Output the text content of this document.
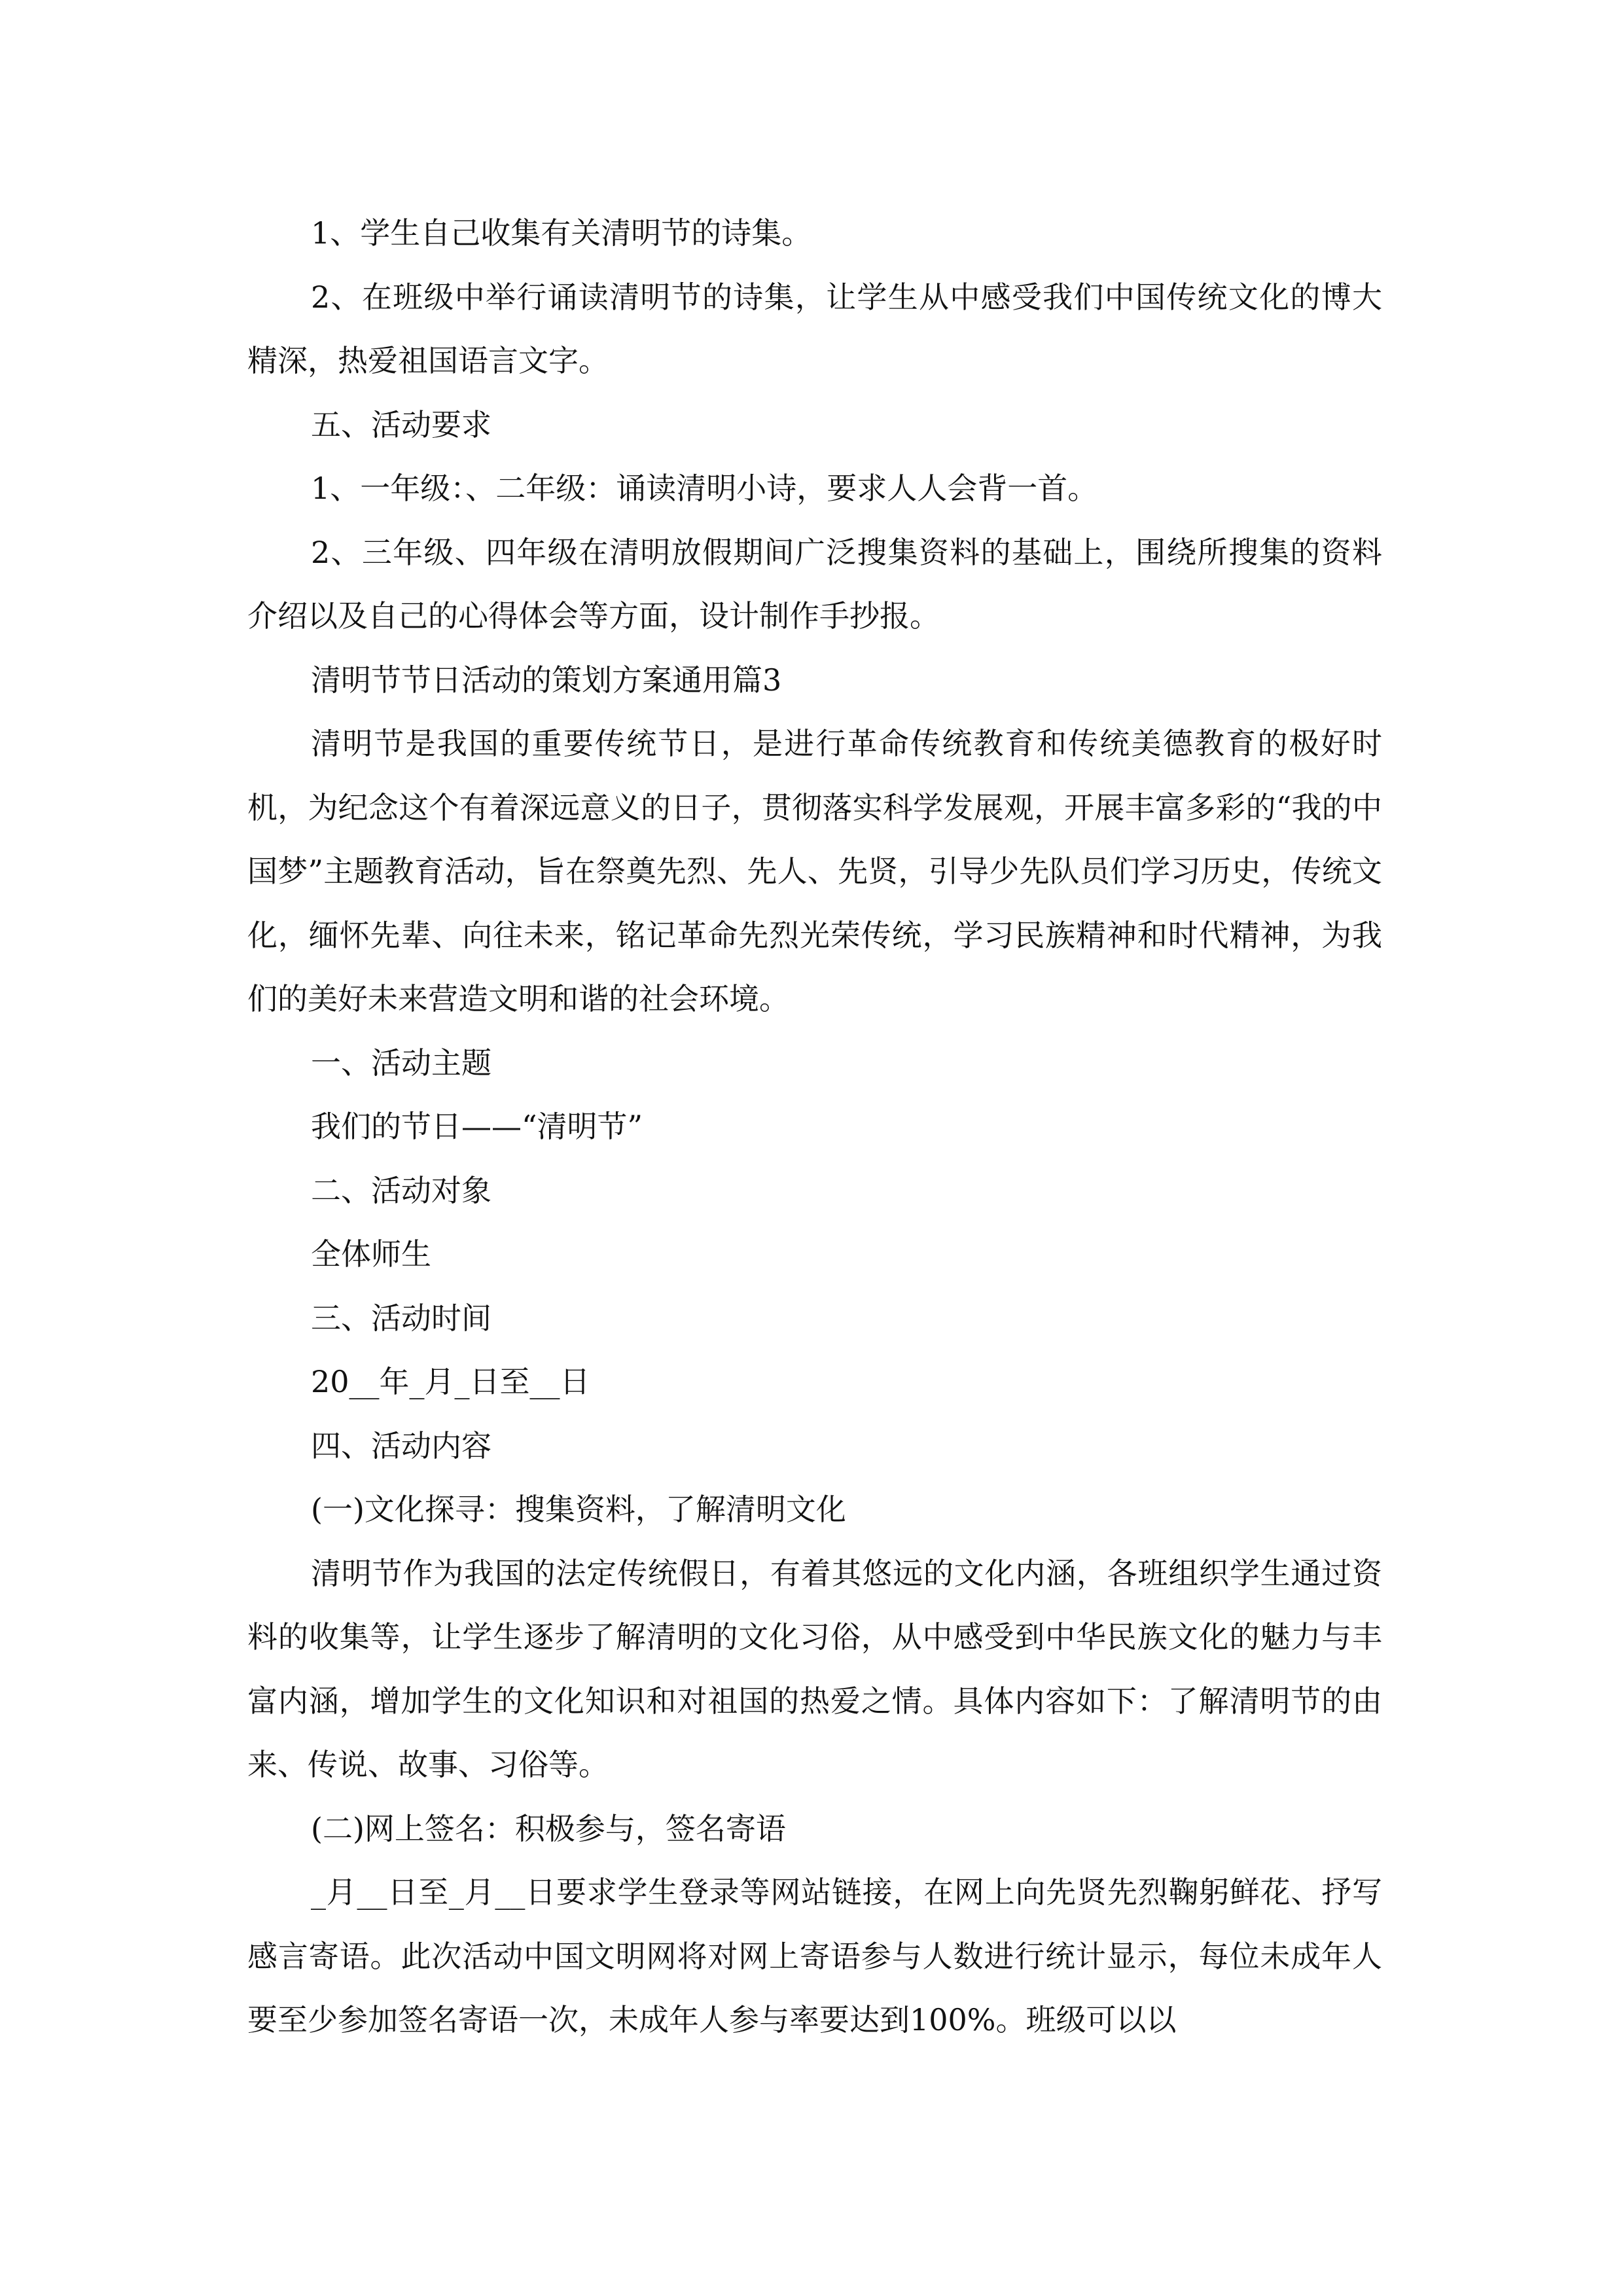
1、学生自己收集有关清明节的诗集。

2、在班级中举行诵读清明节的诗集，让学生从中感受我们中国传统文化的博大精深，热爱祖国语言文字。

五、活动要求

1、一年级：、二年级：诵读清明小诗，要求人人会背一首。

2、三年级、四年级在清明放假期间广泛搜集资料的基础上，围绕所搜集的资料介绍以及自己的心得体会等方面，设计制作手抄报。

清明节节日活动的策划方案通用篇3

清明节是我国的重要传统节日，是进行革命传统教育和传统美德教育的极好时机，为纪念这个有着深远意义的日子，贯彻落实科学发展观，开展丰富多彩的“我的中国梦”主题教育活动，旨在祭奠先烈、先人、先贤，引导少先队员们学习历史，传统文化，缅怀先辈、向往未来，铭记革命先烈光荣传统，学习民族精神和时代精神，为我们的美好未来营造文明和谐的社会环境。

一、活动主题

我们的节日——“清明节”

二、活动对象

全体师生

三、活动时间

20__年_月_日至__日

四、活动内容

(一)文化探寻：搜集资料，了解清明文化

清明节作为我国的法定传统假日，有着其悠远的文化内涵，各班组织学生通过资料的收集等，让学生逐步了解清明的文化习俗，从中感受到中华民族文化的魅力与丰富内涵，增加学生的文化知识和对祖国的热爱之情。具体内容如下：了解清明节的由来、传说、故事、习俗等。

(二)网上签名：积极参与，签名寄语

_月__日至_月__日要求学生登录等网站链接，在网上向先贤先烈鞠躬鲜花、抒写感言寄语。此次活动中国文明网将对网上寄语参与人数进行统计显示，每位未成年人要至少参加签名寄语一次，未成年人参与率要达到100%。班级可以以
